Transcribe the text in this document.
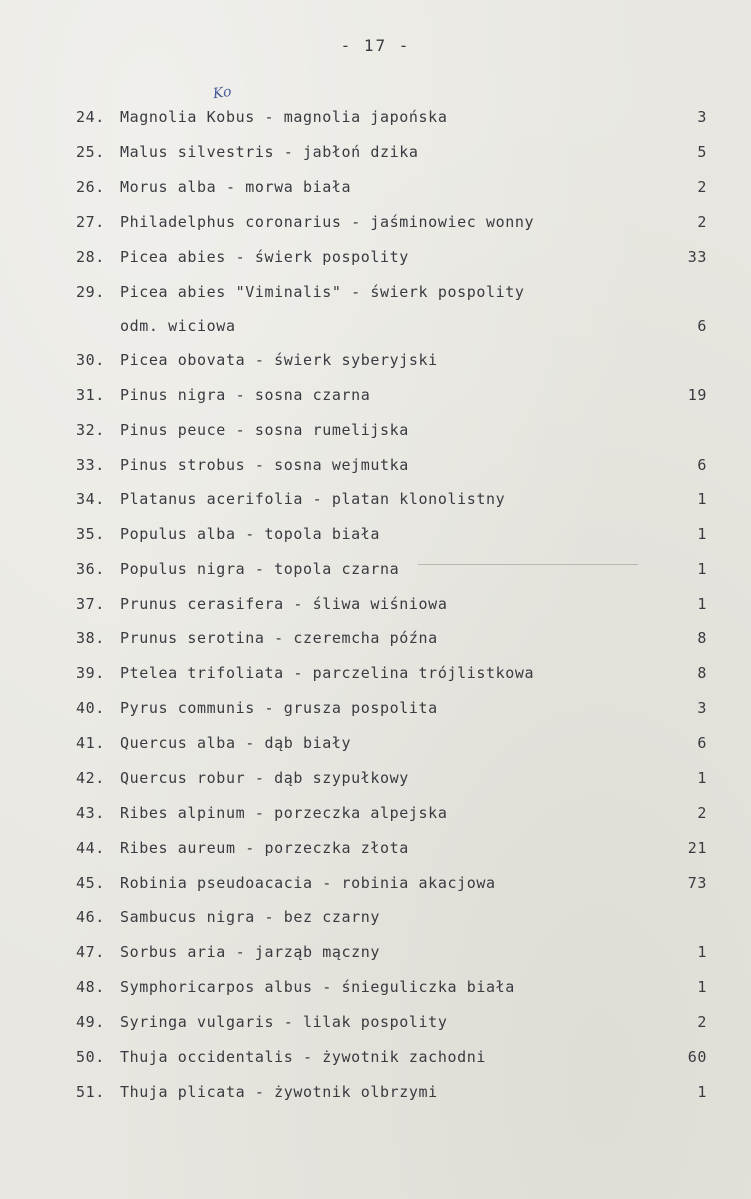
- 17 -
Ko
24.	Magnolia Kobus - magnolia japońska	3
25.	Malus silvestris - jabłoń dzika	5
26.	Morus alba - morwa biała	2
27.	Philadelphus coronarius - jaśminowiec wonny	2
28.	Picea abies - świerk pospolity	33
29.	Picea abies "Viminalis" - świerk pospolity
odm. wiciowa	6
30.	Picea obovata - świerk syberyjski
31.	Pinus nigra - sosna czarna	19
32.	Pinus peuce - sosna rumelijska
33.	Pinus strobus - sosna wejmutka	6
34.	Platanus acerifolia - platan klonolistny	1
35.	Populus alba - topola biała	1
36.	Populus nigra - topola czarna	1
37.	Prunus cerasifera - śliwa wiśniowa	1
38.	Prunus serotina - czeremcha późna	8
39.	Ptelea trifoliata - parczelina trójlistkowa	8
40.	Pyrus communis - grusza pospolita	3
41.	Quercus alba - dąb biały	6
42.	Quercus robur - dąb szypułkowy	1
43.	Ribes alpinum - porzeczka alpejska	2
44.	Ribes aureum - porzeczka złota	21
45.	Robinia pseudoacacia - robinia akacjowa	73
46.	Sambucus nigra - bez czarny
47.	Sorbus aria - jarząb mączny	1
48.	Symphoricarpos albus - śnieguliczka biała	1
49.	Syringa vulgaris - lilak pospolity	2
50.	Thuja occidentalis - żywotnik zachodni	60
51.	Thuja plicata - żywotnik olbrzymi	1
